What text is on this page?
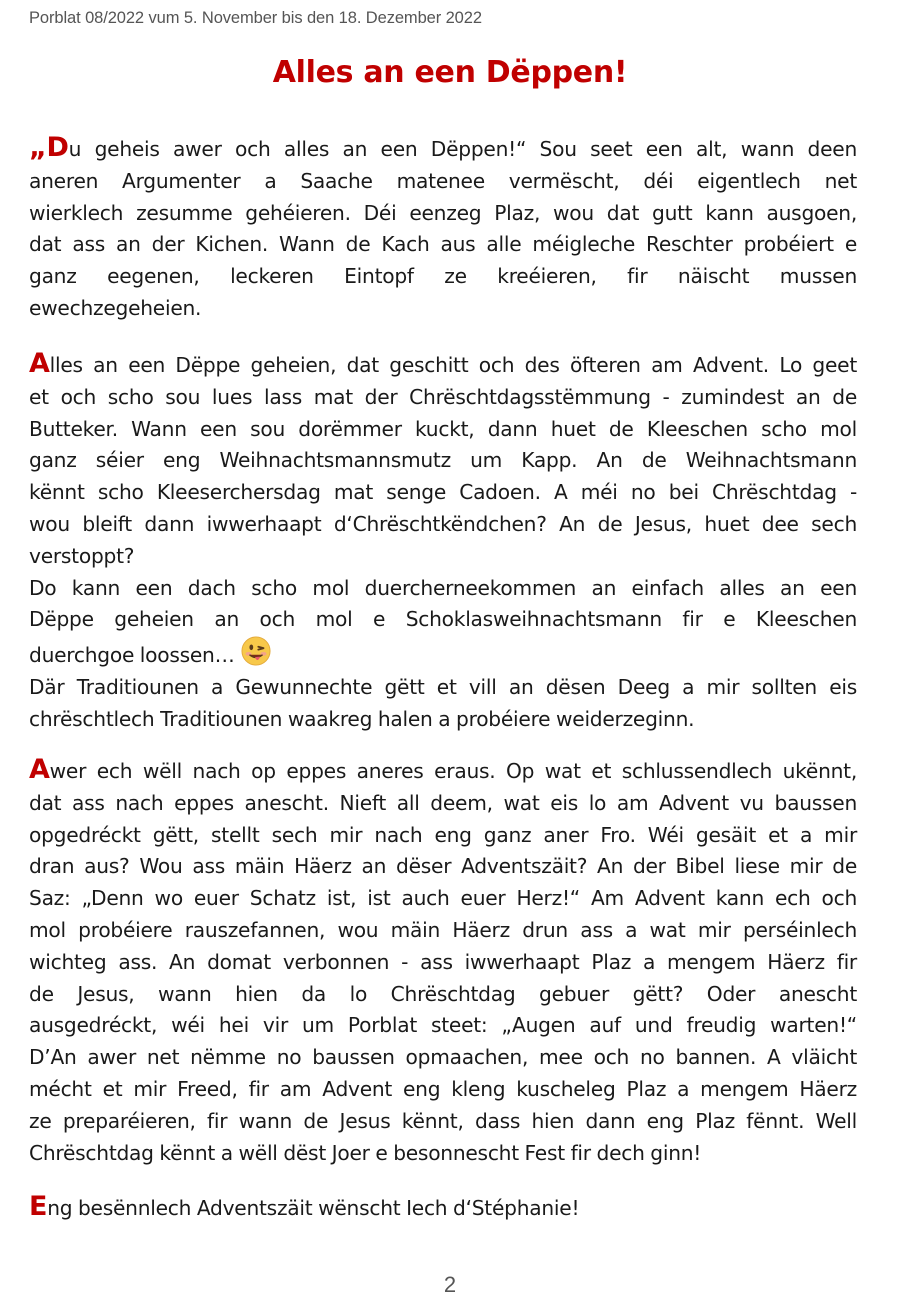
Porblat 08/2022 vum 5. November bis den 18. Dezember 2022
Alles an een Dëppen!
„Du geheis awer och alles an een Dëppen!“ Sou seet een alt, wann deen
aneren Argumenter a Saache matenee vermëscht, déi eigentlech net
wierklech zesumme gehéieren. Déi eenzeg Plaz, wou dat gutt kann ausgoen,
dat ass an der Kichen. Wann de Kach aus alle méigleche Reschter probéiert e
ganz eegenen, leckeren Eintopf ze kreéieren, fir näischt mussen
ewechzegeheien.
Alles an een Dëppe geheien, dat geschitt och des öfteren am Advent. Lo geet
et och scho sou lues lass mat der Chrëschtdagsstëmmung - zumindest an de
Butteker. Wann een sou dorëmmer kuckt, dann huet de Kleeschen scho mol
ganz séier eng Weihnachtsmannsmutz um Kapp. An de Weihnachtsmann
kënnt scho Kleeserchersdag mat senge Cadoen. A méi no bei Chrëschtdag -
wou bleift dann iwwerhaapt d‘Chrëschtkëndchen? An de Jesus, huet dee sech
verstoppt?
Do kann een dach scho mol duercherneekommen an einfach alles an een
Dëppe geheien an och mol e Schoklasweihnachtsmann fir e Kleeschen
duerchgoe loossen…
Där Traditiounen a Gewunnechte gëtt et vill an dësen Deeg a mir sollten eis
chrëschtlech Traditiounen waakreg halen a probéiere weiderzeginn.
Awer ech wëll nach op eppes aneres eraus. Op wat et schlussendlech ukënnt,
dat ass nach eppes anescht. Nieft all deem, wat eis lo am Advent vu baussen
opgedréckt gëtt, stellt sech mir nach eng ganz aner Fro. Wéi gesäit et a mir
dran aus? Wou ass mäin Häerz an dëser Adventszäit? An der Bibel liese mir de
Saz: „Denn wo euer Schatz ist, ist auch euer Herz!“ Am Advent kann ech och
mol probéiere rauszefannen, wou mäin Häerz drun ass a wat mir perséinlech
wichteg ass. An domat verbonnen - ass iwwerhaapt Plaz a mengem Häerz fir
de Jesus, wann hien da lo Chrëschtdag gebuer gëtt? Oder anescht
ausgedréckt, wéi hei vir um Porblat steet: „Augen auf und freudig warten!“
D’An awer net nëmme no baussen opmaachen, mee och no bannen. A vläicht
mécht et mir Freed, fir am Advent eng kleng kuscheleg Plaz a mengem Häerz
ze preparéieren, fir wann de Jesus kënnt, dass hien dann eng Plaz fënnt. Well
Chrëschtdag kënnt a wëll dëst Joer e besonnescht Fest fir dech ginn!
Eng besënnlech Adventszäit wënscht Iech d‘Stéphanie!
2
